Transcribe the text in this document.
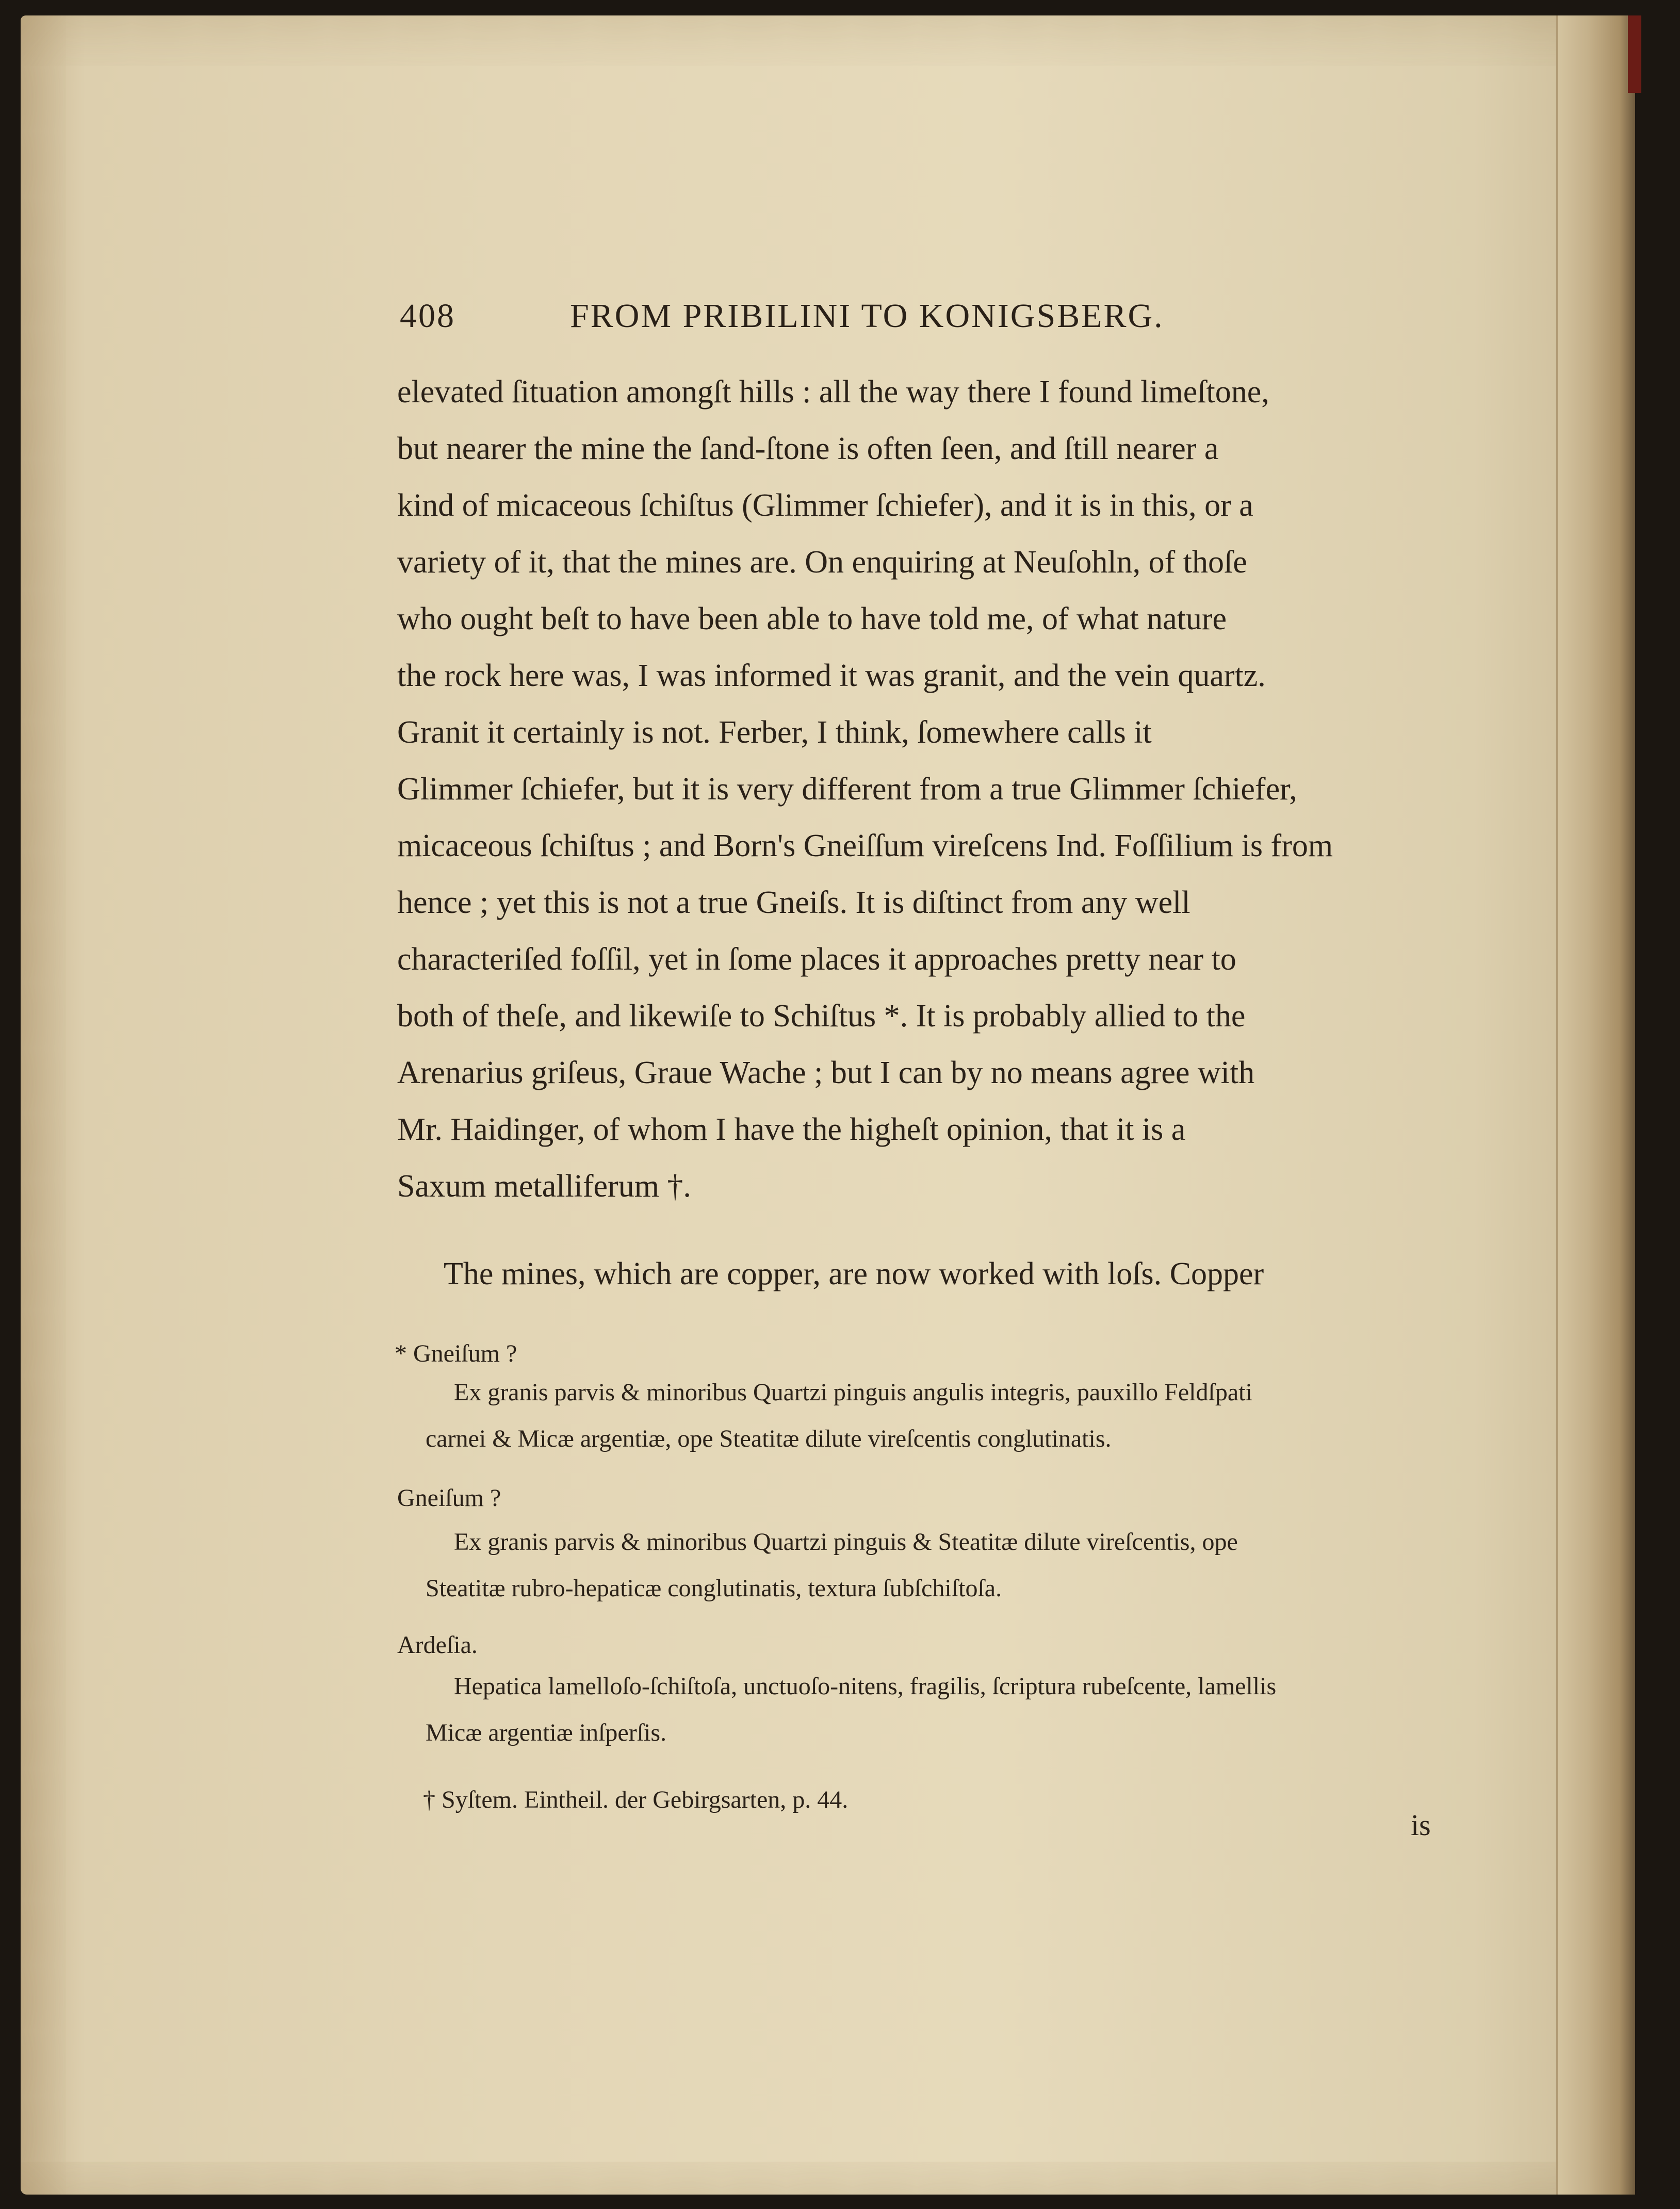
408	FROM PRIBILINI TO KONIGSBERG.
elevated ſituation amongſt hills : all the way there I found limeſtone,
but nearer the mine the ſand-ſtone is often ſeen, and ſtill nearer a
kind of micaceous ſchiſtus (Glimmer ſchiefer), and it is in this, or a
variety of it, that the mines are. On enquiring at Neuſohln, of thoſe
who ought beſt to have been able to have told me, of what nature
the rock here was, I was informed it was granit, and the vein quartz.
Granit it certainly is not. Ferber, I think, ſomewhere calls it
Glimmer ſchiefer, but it is very different from a true Glimmer ſchiefer,
micaceous ſchiſtus ; and Born's Gneiſſum vireſcens Ind. Foſſilium is from
hence ; yet this is not a true Gneiſs. It is diſtinct from any well
characteriſed foſſil, yet in ſome places it approaches pretty near to
both of theſe, and likewiſe to Schiſtus *. It is probably allied to the
Arenarius griſeus, Graue Wache ; but I can by no means agree with
Mr. Haidinger, of whom I have the higheſt opinion, that it is a
Saxum metalliferum †.
The mines, which are copper, are now worked with loſs. Copper
* Gneiſum ?
Ex granis parvis & minoribus Quartzi pinguis angulis integris, pauxillo Feldſpati
carnei & Micæ argentiæ, ope Steatitæ dilute vireſcentis conglutinatis.
Gneiſum ?
Ex granis parvis & minoribus Quartzi pinguis & Steatitæ dilute vireſcentis, ope
Steatitæ rubro-hepaticæ conglutinatis, textura ſubſchiſtoſa.
Ardeſia.
Hepatica lamelloſo-ſchiſtoſa, unctuoſo-nitens, fragilis, ſcriptura rubeſcente, lamellis
Micæ argentiæ inſperſis.
† Syſtem. Eintheil. der Gebirgsarten, p. 44.
is
